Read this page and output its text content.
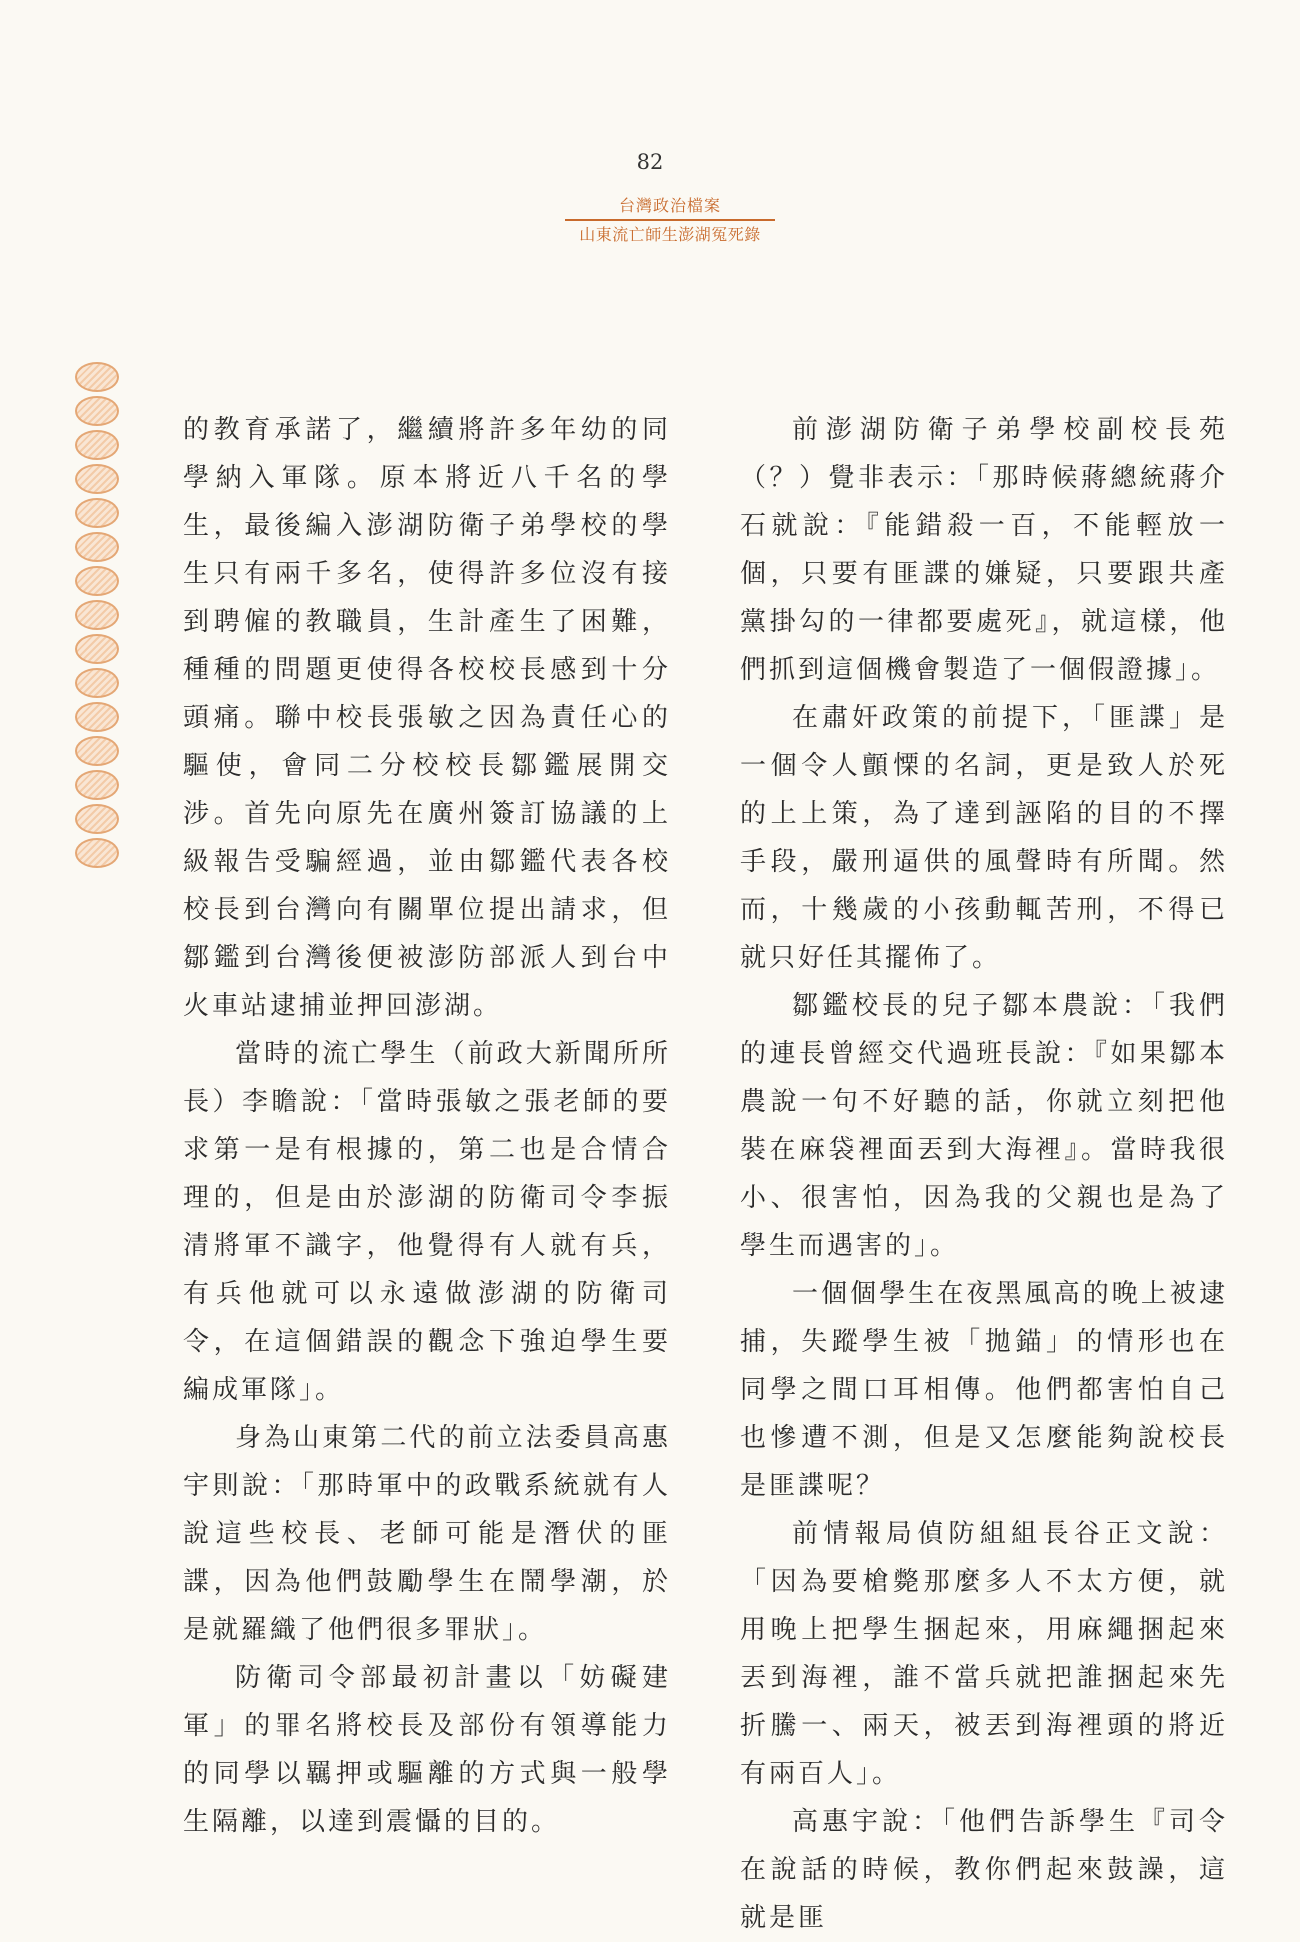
82
台灣政治檔案
山東流亡師生澎湖冤死錄

的教育承諾了，繼續將許多年幼的同學納入軍隊。原本將近八千名的學生，最後編入澎湖防衛子弟學校的學生只有兩千多名，使得許多位沒有接到聘僱的教職員，生計產生了困難，種種的問題更使得各校校長感到十分頭痛。聯中校長張敏之因為責任心的驅使，會同二分校校長鄒鑑展開交涉。首先向原先在廣州簽訂協議的上級報告受騙經過，並由鄒鑑代表各校校長到台灣向有關單位提出請求，但鄒鑑到台灣後便被澎防部派人到台中火車站逮捕並押回澎湖。

當時的流亡學生（前政大新聞所所長）李瞻說：「當時張敏之張老師的要求第一是有根據的，第二也是合情合理的，但是由於澎湖的防衛司令李振清將軍不識字，他覺得有人就有兵，有兵他就可以永遠做澎湖的防衛司令，在這個錯誤的觀念下強迫學生要編成軍隊」。

身為山東第二代的前立法委員高惠宇則說：「那時軍中的政戰系統就有人說這些校長、老師可能是潛伏的匪諜，因為他們鼓勵學生在鬧學潮，於是就羅織了他們很多罪狀」。

防衛司令部最初計畫以「妨礙建軍」的罪名將校長及部份有領導能力的同學以羈押或驅離的方式與一般學生隔離，以達到震懾的目的。

前澎湖防衛子弟學校副校長苑（？）覺非表示：「那時候蔣總統蔣介石就說：『能錯殺一百，不能輕放一個，只要有匪諜的嫌疑，只要跟共產黨掛勾的一律都要處死』，就這樣，他們抓到這個機會製造了一個假證據」。

在肅奸政策的前提下，「匪諜」是一個令人顫慄的名詞，更是致人於死的上上策，為了達到誣陷的目的不擇手段，嚴刑逼供的風聲時有所聞。然而，十幾歲的小孩動輒苦刑，不得已就只好任其擺佈了。

鄒鑑校長的兒子鄒本農說：「我們的連長曾經交代過班長說：『如果鄒本農說一句不好聽的話，你就立刻把他裝在麻袋裡面丟到大海裡』。當時我很小、很害怕，因為我的父親也是為了學生而遇害的」。

一個個學生在夜黑風高的晚上被逮捕，失蹤學生被「拋錨」的情形也在同學之間口耳相傳。他們都害怕自己也慘遭不測，但是又怎麼能夠說校長是匪諜呢？

前情報局偵防組組長谷正文說：「因為要槍斃那麼多人不太方便，就用晚上把學生捆起來，用麻繩捆起來丟到海裡，誰不當兵就把誰捆起來先折騰一、兩天，被丟到海裡頭的將近有兩百人」。

高惠宇說：「他們告訴學生『司令在說話的時候，教你們起來鼓譟，這就是匪
